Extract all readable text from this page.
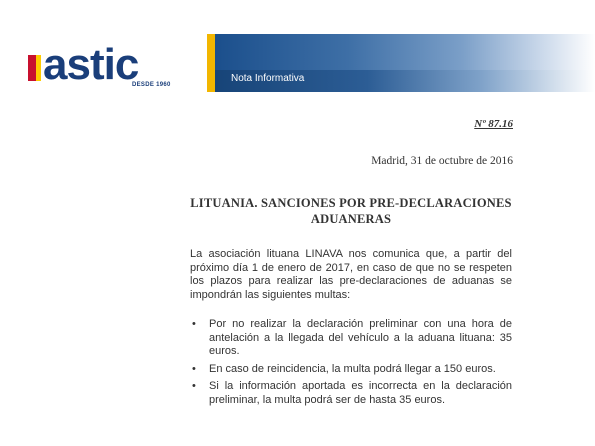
astic
DESDE 1960
Nota Informativa
Nº 87.16
Madrid, 31 de octubre de 2016
LITUANIA. SANCIONES POR PRE-DECLARACIONES ADUANERAS
La asociación lituana LINAVA nos comunica que, a partir del próximo día 1 de enero de 2017, en caso de que no se respeten los plazos para realizar las pre-declaraciones de aduanas se impondrán las siguientes multas:
• Por no realizar la declaración preliminar con una hora de antelación a la llegada del vehículo a la aduana lituana: 35 euros.
• En caso de reincidencia, la multa podrá llegar a 150 euros.
• Si la información aportada es incorrecta en la declaración preliminar, la multa podrá ser de hasta 35 euros.
